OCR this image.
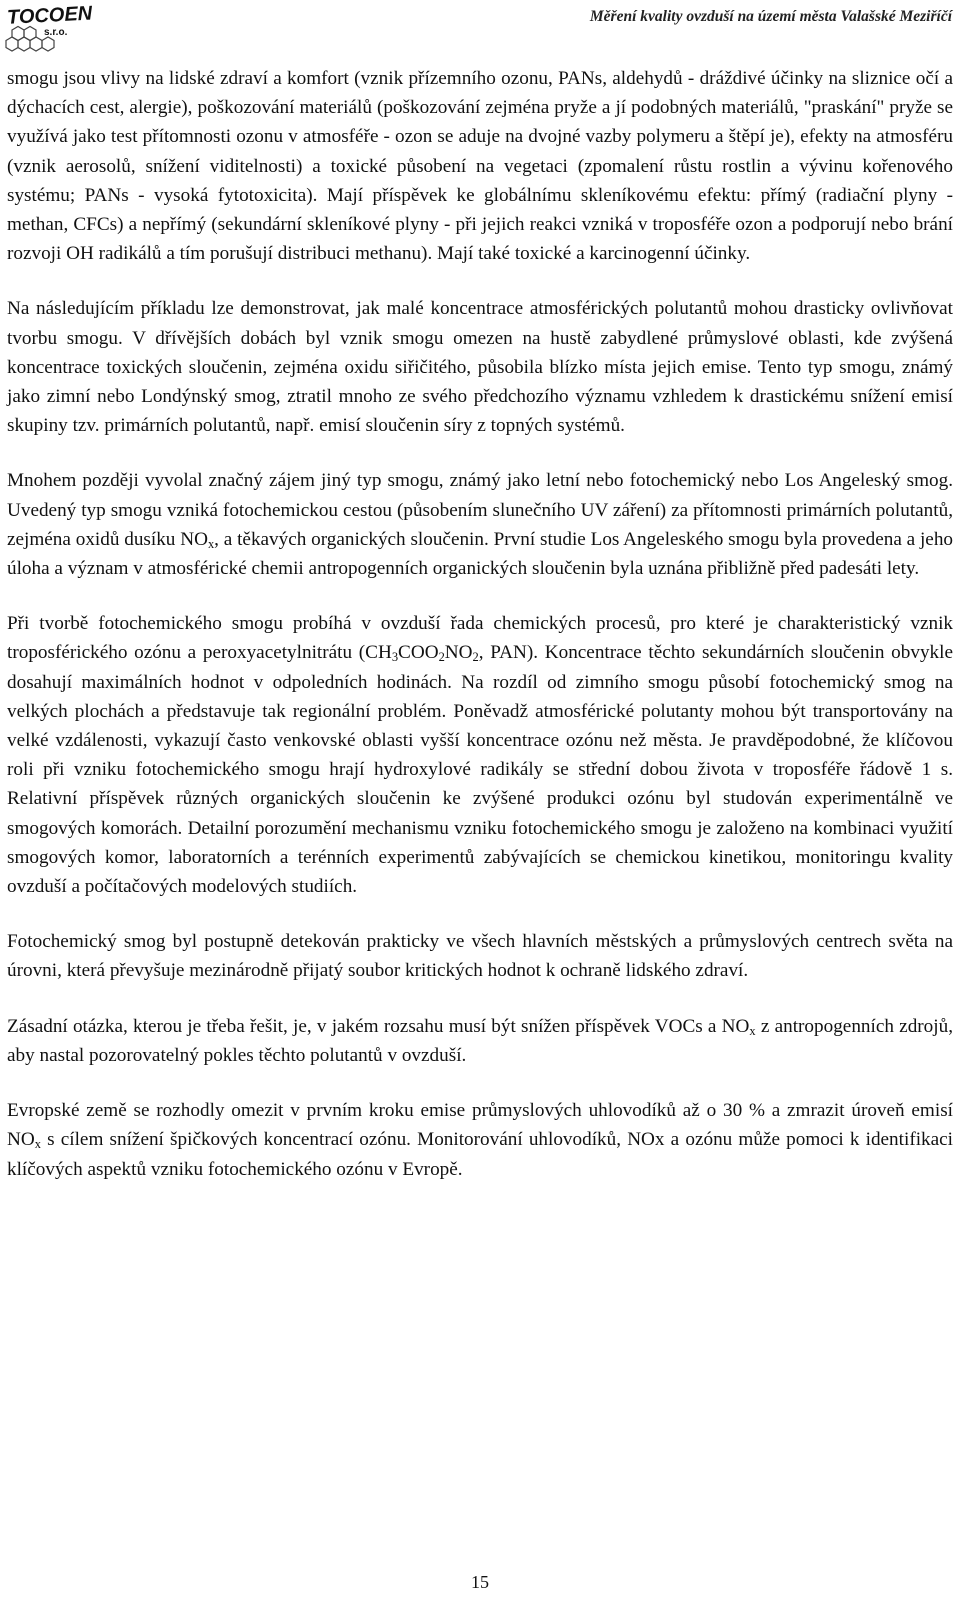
TOCOEN
s.r.o.
Měření kvality ovzduší na území města Valašské Meziříčí

smogu jsou vlivy na lidské zdraví a komfort (vznik přízemního ozonu, PANs, aldehydů - dráždivé účinky na sliznice očí a dýchacích cest, alergie), poškozování materiálů (poškozování zejména pryže a jí podobných materiálů, "praskání" pryže se využívá jako test přítomnosti ozonu v atmosféře - ozon se aduje na dvojné vazby polymeru a štěpí je), efekty na atmosféru (vznik aerosolů, snížení viditelnosti) a toxické působení na vegetaci (zpomalení růstu rostlin a vývinu kořenového systému; PANs - vysoká fytotoxicita). Mají příspěvek ke globálnímu skleníkovému efektu: přímý (radiační plyny - methan, CFCs) a nepřímý (sekundární skleníkové plyny - při jejich reakci vzniká v troposféře ozon a podporují nebo brání rozvoji OH radikálů a tím porušují distribuci methanu). Mají také toxické a karcinogenní účinky.

Na následujícím příkladu lze demonstrovat, jak malé koncentrace atmosférických polutantů mohou drasticky ovlivňovat tvorbu smogu. V dřívějších dobách byl vznik smogu omezen na hustě zabydlené průmyslové oblasti, kde zvýšená koncentrace toxických sloučenin, zejména oxidu siřičitého, působila blízko místa jejich emise. Tento typ smogu, známý jako zimní nebo Londýnský smog, ztratil mnoho ze svého předchozího významu vzhledem k drastickému snížení emisí skupiny tzv. primárních polutantů, např. emisí sloučenin síry z topných systémů.

Mnohem později vyvolal značný zájem jiný typ smogu, známý jako letní nebo fotochemický nebo Los Angeleský smog. Uvedený typ smogu vzniká fotochemickou cestou (působením slunečního UV záření) za přítomnosti primárních polutantů, zejména oxidů dusíku $NO_x$, a těkavých organických sloučenin. První studie Los Angeleského smogu byla provedena a jeho úloha a význam v atmosférické chemii antropogenních organických sloučenin byla uznána přibližně před padesáti lety.

Při tvorbě fotochemického smogu probíhá v ovzduší řada chemických procesů, pro které je charakteristický vznik troposférického ozónu a peroxyacetylnitrátu ($CH_3COO_2NO_2$, PAN). Koncentrace těchto sekundárních sloučenin obvykle dosahují maximálních hodnot v odpoledních hodinách. Na rozdíl od zimního smogu působí fotochemický smog na velkých plochách a představuje tak regionální problém. Poněvadž atmosférické polutanty mohou být transportovány na velké vzdálenosti, vykazují často venkovské oblasti vyšší koncentrace ozónu než města. Je pravděpodobné, že klíčovou roli při vzniku fotochemického smogu hrají hydroxylové radikály se střední dobou života v troposféře řádově 1 s. Relativní příspěvek různých organických sloučenin ke zvýšené produkci ozónu byl studován experimentálně ve smogových komorách. Detailní porozumění mechanismu vzniku fotochemického smogu je založeno na kombinaci využití smogových komor, laboratorních a terénních experimentů zabývajících se chemickou kinetikou, monitoringu kvality ovzduší a počítačových modelových studiích.

Fotochemický smog byl postupně detekován prakticky ve všech hlavních městských a průmyslových centrech světa na úrovni, která převyšuje mezinárodně přijatý soubor kritických hodnot k ochraně lidského zdraví.

Zásadní otázka, kterou je třeba řešit, je, v jakém rozsahu musí být snížen příspěvek VOCs a $NO_x$ z antropogenních zdrojů, aby nastal pozorovatelný pokles těchto polutantů v ovzduší.

Evropské země se rozhodly omezit v prvním kroku emise průmyslových uhlovodíků až o 30 % a zmrazit úroveň emisí $NO_x$ s cílem snížení špičkových koncentrací ozónu. Monitorování uhlovodíků, NOx a ozónu může pomoci k identifikaci klíčových aspektů vzniku fotochemického ozónu v Evropě.

15
